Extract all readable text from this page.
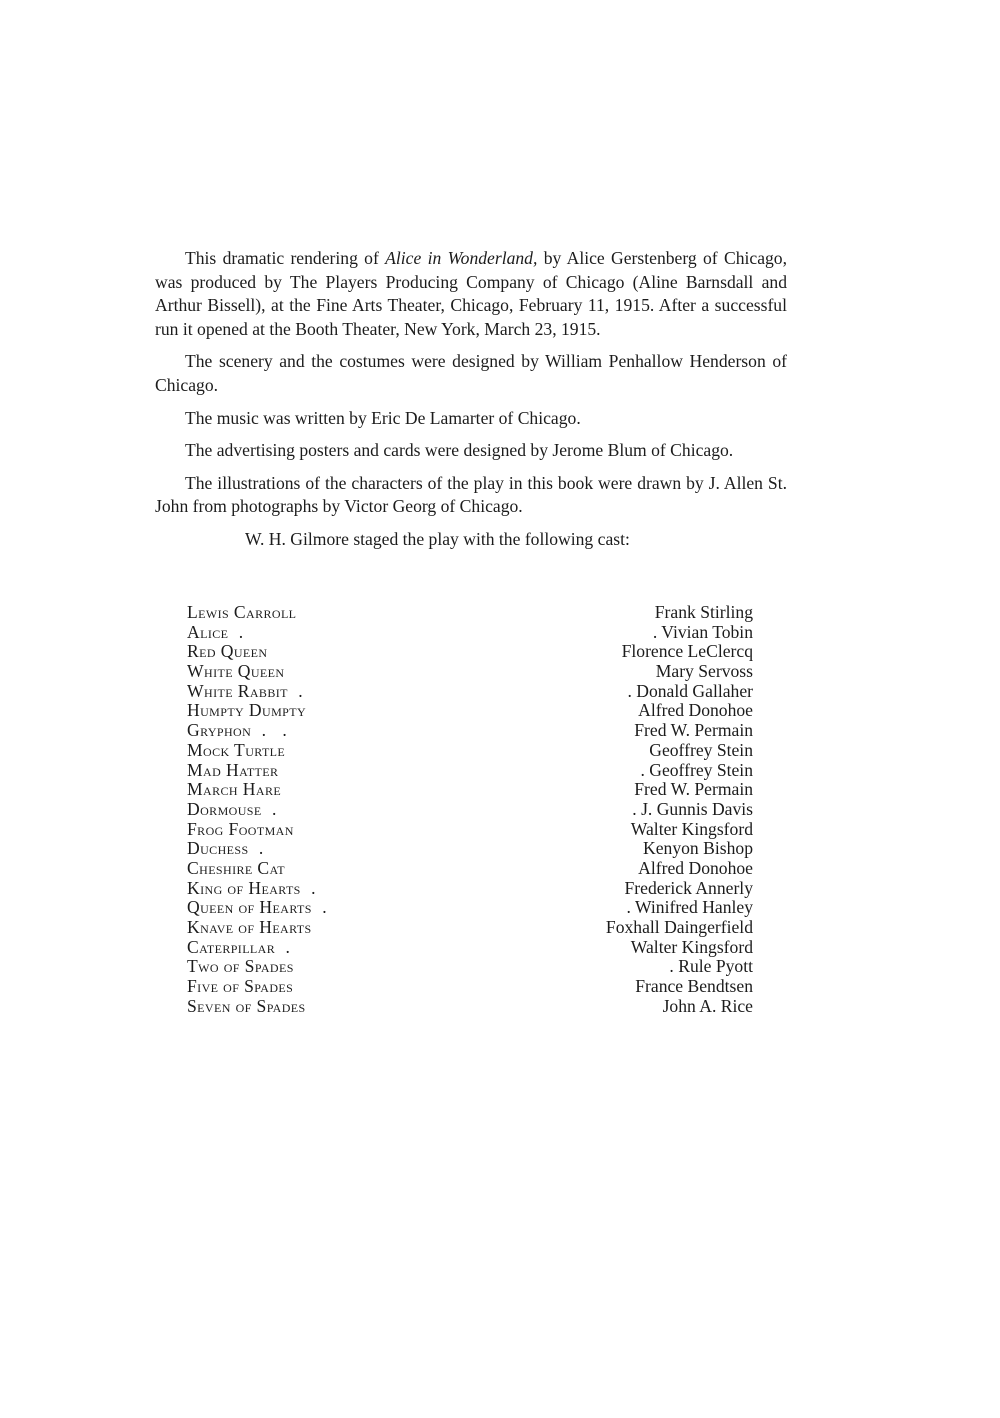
This dramatic rendering of Alice in Wonderland, by Alice Gerstenberg of Chicago, was produced by The Players Producing Company of Chicago (Aline Barnsdall and Arthur Bissell), at the Fine Arts Theater, Chicago, February 11, 1915. After a successful run it opened at the Booth Theater, New York, March 23, 1915.

The scenery and the costumes were designed by William Penhallow Henderson of Chicago.

The music was written by Eric De Lamarter of Chicago.

The advertising posters and cards were designed by Jerome Blum of Chicago.

The illustrations of the characters of the play in this book were drawn by J. Allen St. John from photographs by Victor Georg of Chicago.

W. H. Gilmore staged the play with the following cast:

Lewis Carroll	Frank Stirling
Alice .	. Vivian Tobin
Red Queen	Florence LeClercq
White Queen	Mary Servoss
White Rabbit .	. Donald Gallaher
Humpty Dumpty	Alfred Donohoe
Gryphon . .	Fred W. Permain
Mock Turtle	Geoffrey Stein
Mad Hatter	. Geoffrey Stein
March Hare	Fred W. Permain
Dormouse .	. J. Gunnis Davis
Frog Footman	Walter Kingsford
Duchess .	Kenyon Bishop
Cheshire Cat	Alfred Donohoe
King of Hearts .	Frederick Annerly
Queen of Hearts .	. Winifred Hanley
Knave of Hearts	Foxhall Daingerfield
Caterpillar .	Walter Kingsford
Two of Spades	. Rule Pyott
Five of Spades	France Bendtsen
Seven of Spades	John A. Rice
